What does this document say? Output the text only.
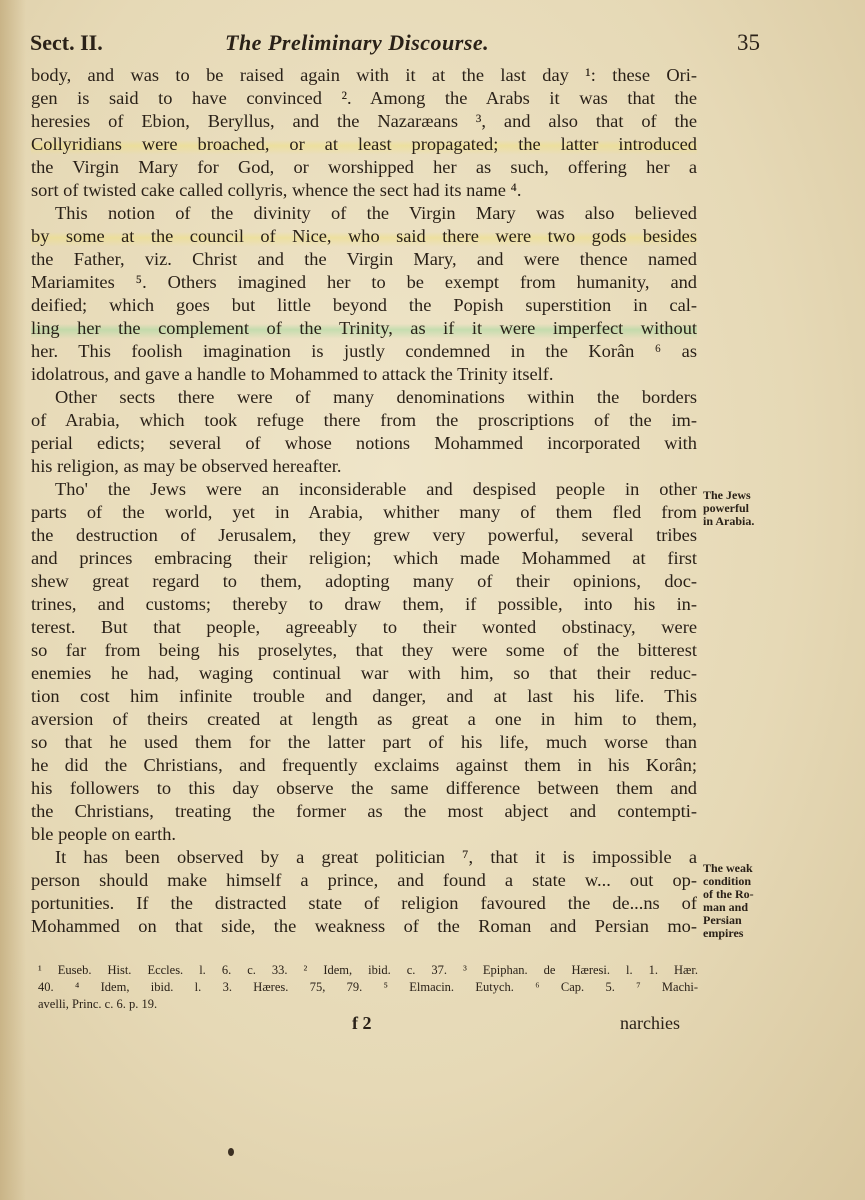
Sect. II.	The Preliminary Discourse.	35
body, and was to be raised again with it at the last day ¹: these Ori-
gen is said to have convinced ². Among the Arabs it was that the
heresies of Ebion, Beryllus, and the Nazaræans ³, and also that of the
Collyridians were broached, or at least propagated; the latter introduced
the Virgin Mary for God, or worshipped her as such, offering her a
sort of twisted cake called collyris, whence the sect had its name ⁴.
This notion of the divinity of the Virgin Mary was also believed
by some at the council of Nice, who said there were two gods besides
the Father, viz. Christ and the Virgin Mary, and were thence named
Mariamites ⁵. Others imagined her to be exempt from humanity, and
deified; which goes but little beyond the Popish superstition in cal-
ling her the complement of the Trinity, as if it were imperfect without
her. This foolish imagination is justly condemned in the Korân ⁶ as
idolatrous, and gave a handle to Mohammed to attack the Trinity itself.
Other sects there were of many denominations within the borders
of Arabia, which took refuge there from the proscriptions of the im-
perial edicts; several of whose notions Mohammed incorporated with
his religion, as may be observed hereafter.
Tho' the Jews were an inconsiderable and despised people in other
parts of the world, yet in Arabia, whither many of them fled from
the destruction of Jerusalem, they grew very powerful, several tribes
and princes embracing their religion; which made Mohammed at first
shew great regard to them, adopting many of their opinions, doc-
trines, and customs; thereby to draw them, if possible, into his in-
terest. But that people, agreeably to their wonted obstinacy, were
so far from being his proselytes, that they were some of the bitterest
enemies he had, waging continual war with him, so that their reduc-
tion cost him infinite trouble and danger, and at last his life. This
aversion of theirs created at length as great a one in him to them,
so that he used them for the latter part of his life, much worse than
he did the Christians, and frequently exclaims against them in his Korân;
his followers to this day observe the same difference between them and
the Christians, treating the former as the most abject and contempti-
ble people on earth.
It has been observed by a great politician ⁷, that it is impossible a
person should make himself a prince, and found a state w... out op-
portunities. If the distracted state of religion favoured the de...ns of
Mohammed on that side, the weakness of the Roman and Persian mo-
The Jews
powerful
in Arabia.
The weak
condition
of the Ro-
man and
Persian
empires
¹ Euseb. Hist. Eccles. l. 6. c. 33. ² Idem, ibid. c. 37. ³ Epiphan. de Hæresi. l. 1. Hær.
40. ⁴ Idem, ibid. l. 3. Hæres. 75, 79. ⁵ Elmacin. Eutych. ⁶ Cap. 5. ⁷ Machi-
avelli, Princ. c. 6. p. 19.
f 2	narchies
